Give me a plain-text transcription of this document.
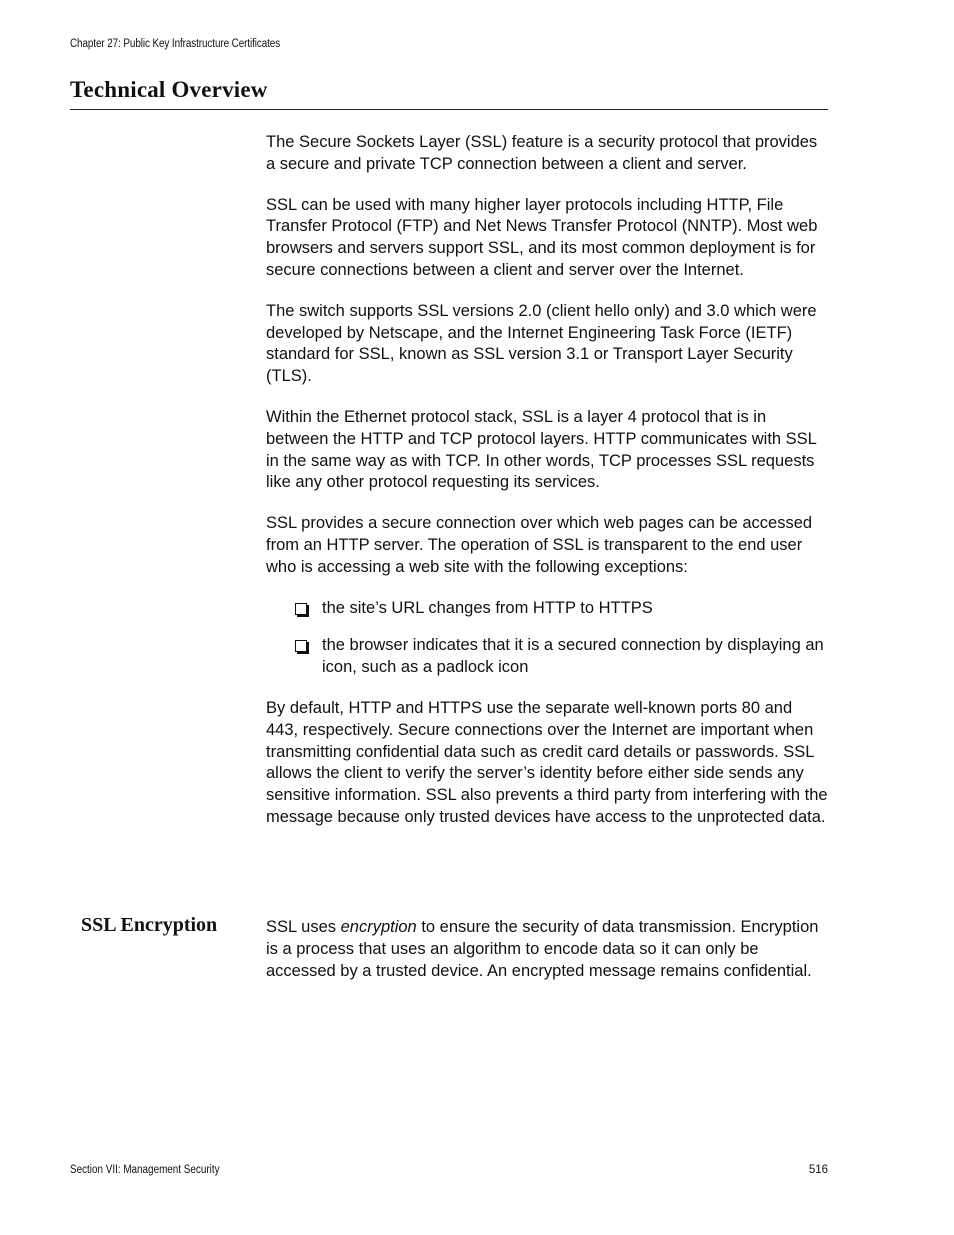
Chapter 27: Public Key Infrastructure Certificates
Technical Overview

The Secure Sockets Layer (SSL) feature is a security protocol that provides a secure and private TCP connection between a client and server.

SSL can be used with many higher layer protocols including HTTP, File Transfer Protocol (FTP) and Net News Transfer Protocol (NNTP). Most web browsers and servers support SSL, and its most common deployment is for secure connections between a client and server over the Internet.

The switch supports SSL versions 2.0 (client hello only) and 3.0 which were developed by Netscape, and the Internet Engineering Task Force (IETF) standard for SSL, known as SSL version 3.1 or Transport Layer Security (TLS).

Within the Ethernet protocol stack, SSL is a layer 4 protocol that is in between the HTTP and TCP protocol layers. HTTP communicates with SSL in the same way as with TCP. In other words, TCP processes SSL requests like any other protocol requesting its services.

SSL provides a secure connection over which web pages can be accessed from an HTTP server. The operation of SSL is transparent to the end user who is accessing a web site with the following exceptions:

the site’s URL changes from HTTP to HTTPS
the browser indicates that it is a secured connection by displaying an icon, such as a padlock icon

By default, HTTP and HTTPS use the separate well-known ports 80 and 443, respectively. Secure connections over the Internet are important when transmitting confidential data such as credit card details or passwords. SSL allows the client to verify the server’s identity before either side sends any sensitive information. SSL also prevents a third party from interfering with the message because only trusted devices have access to the unprotected data.

SSL Encryption	SSL uses encryption to ensure the security of data transmission. Encryption is a process that uses an algorithm to encode data so it can only be accessed by a trusted device. An encrypted message remains confidential.

Section VII: Management Security	516
